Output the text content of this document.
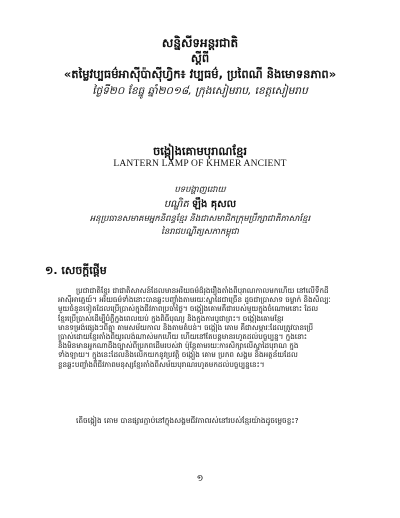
សន្និសីទអន្តរជាតិ
ស្តីពី
«តម្លៃវប្បធម៌អាស៊ីប៉ាស៊ីហ្វិក៖ វប្បធម៌, ប្រពៃណី និងមោទនភាព»
ថ្ងៃទី២០ ខែធ្នូ ឆ្នាំ២០១៨, ក្រុងសៀមរាប, ខេត្តសៀមរាប
ចង្កៀងគោមបុរាណខ្មែរ
LANTERN LAMP OF KHMER ANCIENT
បទបង្ហាញដោយ
បណ្ឌិត ឡឹង គុសល
អនុប្រធានសមាគមអ្នកនិពន្ធខ្មែរ និងជាសមាជិកក្រុមប្រឹក្សាជាតិភាសាខ្មែរ
នៃរាជបណ្ឌិត្យសភាកម្ពុជា
១. សេចក្តីផ្តើម
ប្រជាជាតិខ្មែរ ជាជាតិសាសន៍ដែលមានអរិយធម៌ដ៏រុងរឿងតាំងពីបុរាណកាលមកហើយ នៅលើទឹកដី
អាស៊ីអាគ្នេយ៍។ អរិយធម៌ទាំងនោះបានឆ្លុះបញ្ចាំងតាមរយៈស្នាដៃជាច្រើន ដូចជាប្រាសាទ ចម្លាក់ និងសិល្បៈ
មួយចំនួនទៀតដែលប្រើប្រាស់ក្នុងជីវភាពប្រចាំថ្ងៃ។ ចង្កៀងគោមគឺជារបស់មួយក្នុងចំណោមនោះ ដែល
ខ្មែរប្រើប្រាស់ដើម្បីបំភ្លឺក្នុងពេលយប់ ក្នុងពិធីបុណ្យ និងក្នុងការបូជាព្រះ។ ចង្កៀងគោមខ្មែរ
មានទម្រង់ផ្សេងៗពីគ្នា តាមសម័យកាល និងតាមតំបន់។ ចង្កៀង គោម គឺជាសម្ភារៈដែលត្រូវបានប្រើ
ប្រាស់ដោយខ្មែរតាំងពីយូរលង់ណាស់មកហើយ ហើយនៅតែបន្តមានរហូតដល់បច្ចុប្បន្ន។ ក្នុងនោះ
និងមិនមានអ្នកណាដឹងច្បាស់ពីប្រភពដើមរបស់វា ប៉ុន្តែតាមរយៈការសិក្សាលើស្នាដៃបុរាណ ក្នុង
ទាំងឡាយ។ ក្នុងនេះដែលនិងលើកយកនូវប្រវត្តិ ចង្កៀង គោម ប្រភព សង្គម និងអត្ថន័យដែល
ខ្លួនឆ្លុះបញ្ចាំងពីជីវភាពមនុស្សខ្មែរតាំងពីសម័យបុរាណរហូតមកដល់បច្ចុប្បន្ននេះ។
តើចង្កៀង គោម បានផ្សារភ្ជាប់នៅក្នុងសង្គមជីវភាពរស់នៅរបស់ខ្មែរយ៉ាងដូចម្តេចខ្លះ?
១
